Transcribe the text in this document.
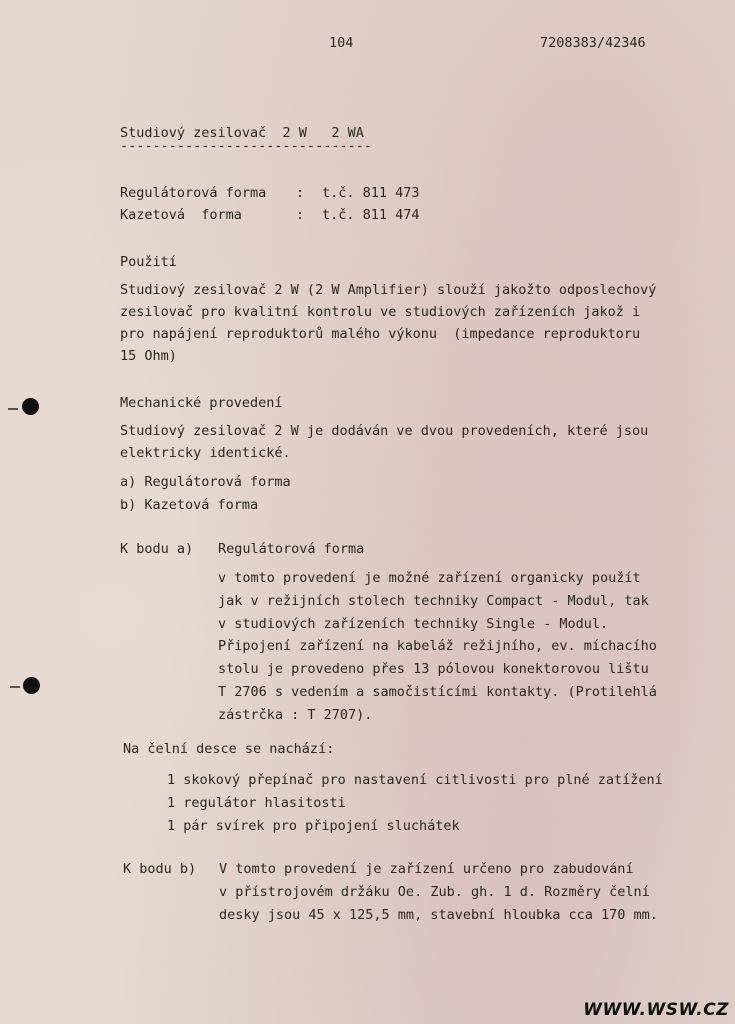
104	7208383/42346
Studiový zesilovač  2 W   2 WA
-------------------------------
Regulátorová forma : t.č. 811 473
Kazetová  forma	: t.č. 811 474
Použití
Studiový zesilovač 2 W (2 W Amplifier) slouží jakožto odposlechový
zesilovač pro kvalitní kontrolu ve studiových zařízeních jakož i
pro napájení reproduktorů malého výkonu  (impedance reproduktoru
15 Ohm)
Mechanické provedení
Studiový zesilovač 2 W je dodáván ve dvou provedeních, které jsou
elektricky identické.
a) Regulátorová forma
b) Kazetová forma
K bodu a) Regulátorová forma
v tomto provedení je možné zařízení organicky použít
jak v režijních stolech techniky Compact - Modul, tak
v studiových zařízeních techniky Single - Modul.
Připojení zařízení na kabeláž režijního, ev. míchacího
stolu je provedeno přes 13 pólovou konektorovou lištu
T 2706 s vedením a samočistícími kontakty. (Protilehlá
zástrčka : T 2707).
Na čelní desce se nachází:
1 skokový přepínač pro nastavení citlivosti pro plné zatížení
1 regulátor hlasitosti
1 pár svírek pro připojení sluchátek
K bodu b) V tomto provedení je zařízení určeno pro zabudování
v přístrojovém držáku Oe. Zub. gh. 1 d. Rozměry čelní
desky jsou 45 x 125,5 mm, stavební hloubka cca 170 mm.
WWW.WSW.CZ
